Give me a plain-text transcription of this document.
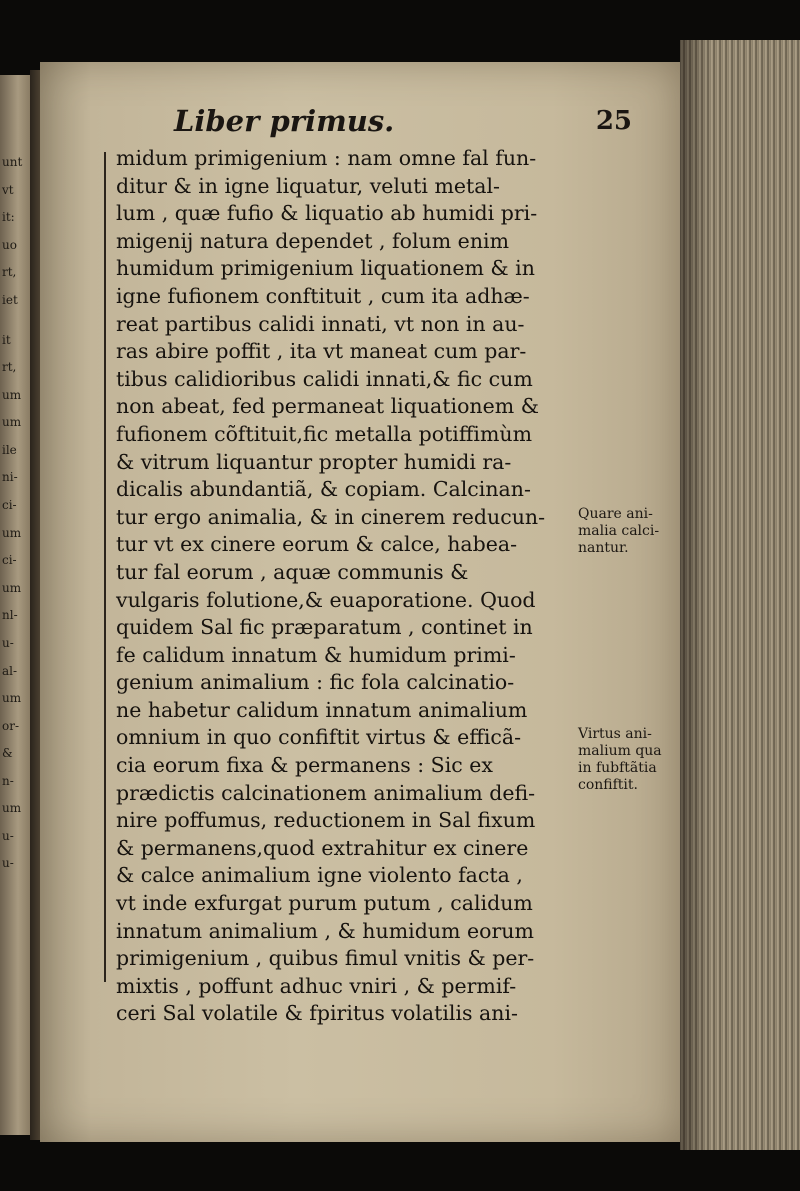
unt
vt
it:
uo
rt,
iet
it
rt,
um
um
ile
ni-
ci-
um
ci-
um
nl-
u-
al-
um
or-
&
n-
um
u-
u-
Liber primus.	25
midum primigenium : nam omne fal fun-
ditur & in igne liquatur, veluti metal-
lum , quæ fufio & liquatio ab humidi pri-
migenij natura dependet , folum enim
humidum primigenium liquationem & in
igne fufionem conftituit , cum ita adhæ-
reat partibus calidi innati, vt non in au-
ras abire poffit , ita vt maneat cum par-
tibus calidioribus calidi innati,& fic cum
non abeat, fed permaneat liquationem &
fufionem cõftituit,fic metalla potiffimùm
& vitrum liquantur propter humidi ra-
dicalis abundantiã, & copiam. Calcinan-
tur ergo animalia, & in cinerem reducun-
tur vt ex cinere eorum & calce, habea-
tur fal eorum , aquæ communis &
vulgaris folutione,& euaporatione. Quod
quidem Sal fic præparatum , continet in
fe calidum innatum & humidum primi-
genium animalium : fic fola calcinatio-
ne habetur calidum innatum animalium
omnium in quo confiftit virtus & efficã-
cia eorum fixa & permanens : Sic ex
prædictis calcinationem animalium defi-
nire poffumus, reductionem in Sal fixum
& permanens,quod extrahitur ex cinere
& calce animalium igne violento facta ,
vt inde exfurgat purum putum , calidum
innatum animalium , & humidum eorum
primigenium , quibus fimul vnitis & per-
mixtis , poffunt adhuc vniri , & permif-
ceri Sal volatile & fpiritus volatilis ani-
Quare ani-
malia calci-
nantur.
Virtus ani-
malium qua
in fubftãtia
confiftit.
